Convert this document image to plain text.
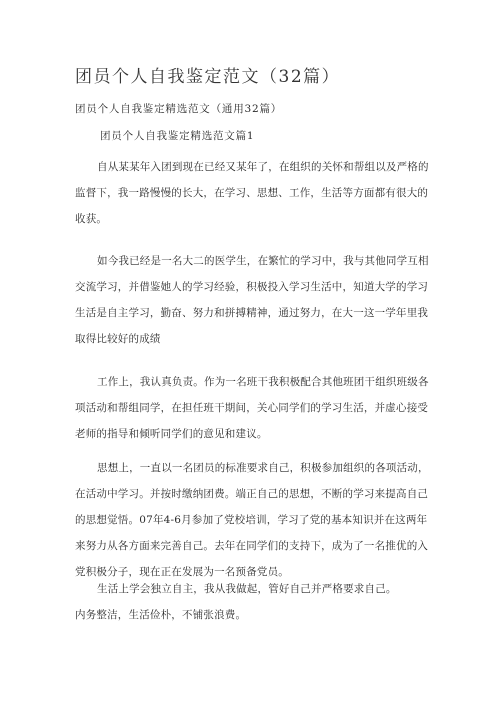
团员个人自我鉴定范文（32篇）
团员个人自我鉴定精选范文（通用32篇）
团员个人自我鉴定精选范文篇1
自从某某年入团到现在已经又某年了，在组织的关怀和帮组以及严格的
监督下，我一路慢慢的长大，在学习、思想、工作，生活等方面都有很大的
收获。
如今我已经是一名大二的医学生，在繁忙的学习中，我与其他同学互相
交流学习，并借鉴她人的学习经验，积极投入学习生活中，知道大学的学习
生活是自主学习，勤奋、努力和拼搏精神，通过努力，在大一这一学年里我
取得比较好的成绩
工作上，我认真负责。作为一名班干我积极配合其他班团干组织班级各
项活动和帮组同学，在担任班干期间，关心同学们的学习生活，并虚心接受
老师的指导和倾听同学们的意见和建议。
思想上，一直以一名团员的标准要求自己，积极参加组织的各项活动，
在活动中学习。并按时缴纳团费。端正自己的思想，不断的学习来提高自己
的思想觉悟。07年4-6月参加了党校培训，学习了党的基本知识并在这两年
来努力从各方面来完善自己。去年在同学们的支持下，成为了一名推优的入
党积极分子，现在正在发展为一名预备党员。
生活上学会独立自主，我从我做起，管好自己并严格要求自己。
内务整洁，生活俭朴，不铺张浪费。
